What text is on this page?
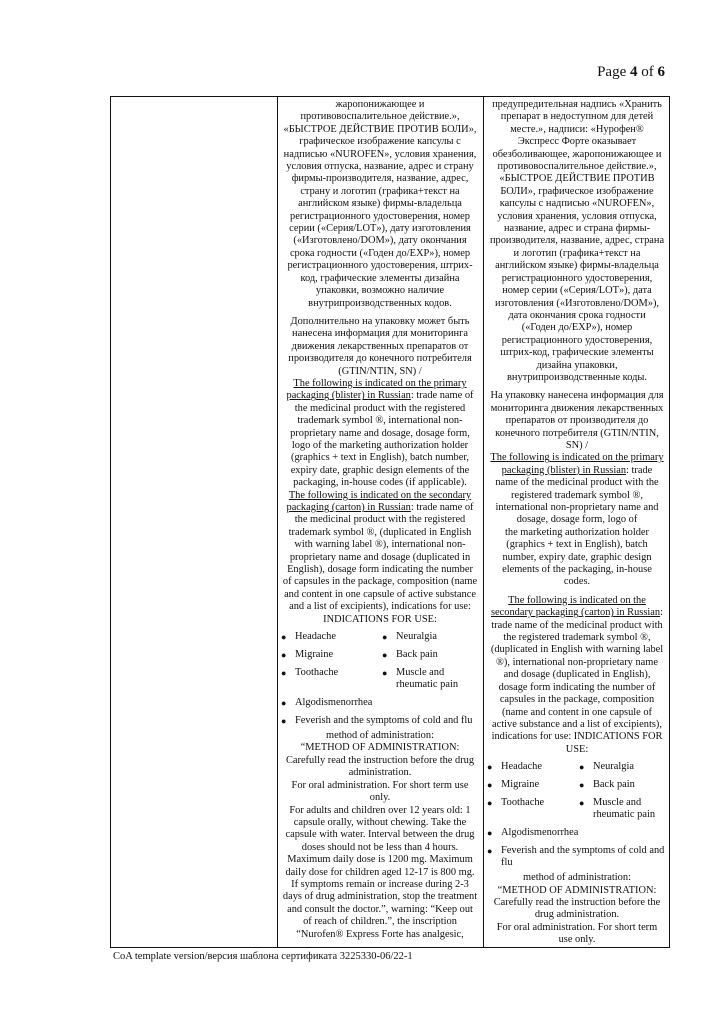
Page 4 of 6

жаропонижающее и

противовоспалительное действие.»,

«БЫСТРОЕ ДЕЙСТВИЕ ПРОТИВ БОЛИ»,

графическое изображение капсулы с

надписью «NUROFEN», условия хранения,

условия отпуска, название, адрес и страну

фирмы-производителя, название, адрес,

страну и логотип (графика+текст на

английском языке) фирмы-владельца

регистрационного удостоверения, номер

серии («Серия/LOT»), дату изготовления

(«Изготовлено/DOM»), дату окончания

срока годности («Годен до/EXP»), номер

регистрационного удостоверения, штрих-

код, графические элементы дизайна

упаковки, возможно наличие

внутрипроизводственных кодов.

Дополнительно на упаковку может быть

нанесена информация для мониторинга

движения лекарственных препаратов от

производителя до конечного потребителя

(GTIN/NTIN, SN) /

The following is indicated on the primary

packaging (blister) in Russian: trade name of

the medicinal product with the registered

trademark symbol ®, international non-

proprietary name and dosage, dosage form,

logo of the marketing authorization holder

(graphics + text in English), batch number,

expiry date, graphic design elements of the

packaging, in-house codes (if applicable).

The following is indicated on the secondary

packaging (carton) in Russian: trade name of

the medicinal product with the registered

trademark symbol ®, (duplicated in English

with warning label ®), international non-

proprietary name and dosage (duplicated in

English), dosage form indicating the number

of capsules in the package, composition (name

and content in one capsule of active substance

and a list of excipients), indications for use:

INDICATIONS FOR USE:

● Headache	● Neuralgia
● Migraine	● Back pain
● Toothache	● Muscle and rheumatic pain
● Algodismenorrhea
● Feverish and the symptoms of cold and flu

method of administration:

“METHOD OF ADMINISTRATION:

Carefully read the instruction before the drug

administration.

For oral administration. For short term use

only.

For adults and children over 12 years old: 1

capsule orally, without chewing. Take the

capsule with water. Interval between the drug

doses should not be less than 4 hours.

Maximum daily dose is 1200 mg. Maximum

daily dose for children aged 12-17 is 800 mg.

If symptoms remain or increase during 2-3

days of drug administration, stop the treatment

and consult the doctor.”, warning: “Keep out

of reach of children.”, the inscription

“Nurofen® Express Forte has analgesic,

предупредительная надпись «Хранить

препарат в недоступном для детей

месте.», надписи: «Нурофен®

Экспресс Форте оказывает

обезболивающее, жаропонижающее и

противовоспалительное действие.»,

«БЫСТРОЕ ДЕЙСТВИЕ ПРОТИВ

БОЛИ», графическое изображение

капсулы с надписью «NUROFEN»,

условия хранения, условия отпуска,

название, адрес и страна фирмы-

производителя, название, адрес, страна

и логотип (графика+текст на

английском языке) фирмы-владельца

регистрационного удостоверения,

номер серии («Серия/LOT»), дата

изготовления («Изготовлено/DOM»),

дата окончания срока годности

(«Годен до/EXP»), номер

регистрационного удостоверения,

штрих-код, графические элементы

дизайна упаковки,

внутрипроизводственные коды.

На упаковку нанесена информация для

мониторинга движения лекарственных

препаратов от производителя до

конечного потребителя (GTIN/NTIN,

SN) /

The following is indicated on the primary

packaging (blister) in Russian: trade

name of the medicinal product with the

registered trademark symbol ®,

international non-proprietary name and

dosage, dosage form, logo of

the marketing authorization holder

(graphics + text in English), batch

number, expiry date, graphic design

elements of the packaging, in-house

codes.

The following is indicated on the

secondary packaging (carton) in Russian:

trade name of the medicinal product with

the registered trademark symbol ®,

(duplicated in English with warning label

®), international non-proprietary name

and dosage (duplicated in English),

dosage form indicating the number of

capsules in the package, composition

(name and content in one capsule of

active substance and a list of excipients),

indications for use: INDICATIONS FOR

USE:

● Headache	● Neuralgia
● Migraine	● Back pain
● Toothache	● Muscle and rheumatic pain
● Algodismenorrhea
● Feverish and the symptoms of cold and flu

method of administration:

“METHOD OF ADMINISTRATION:

Carefully read the instruction before the

drug administration.

For oral administration. For short term

use only.

CoA template version/версия шаблона сертификата 3225330-06/22-1
